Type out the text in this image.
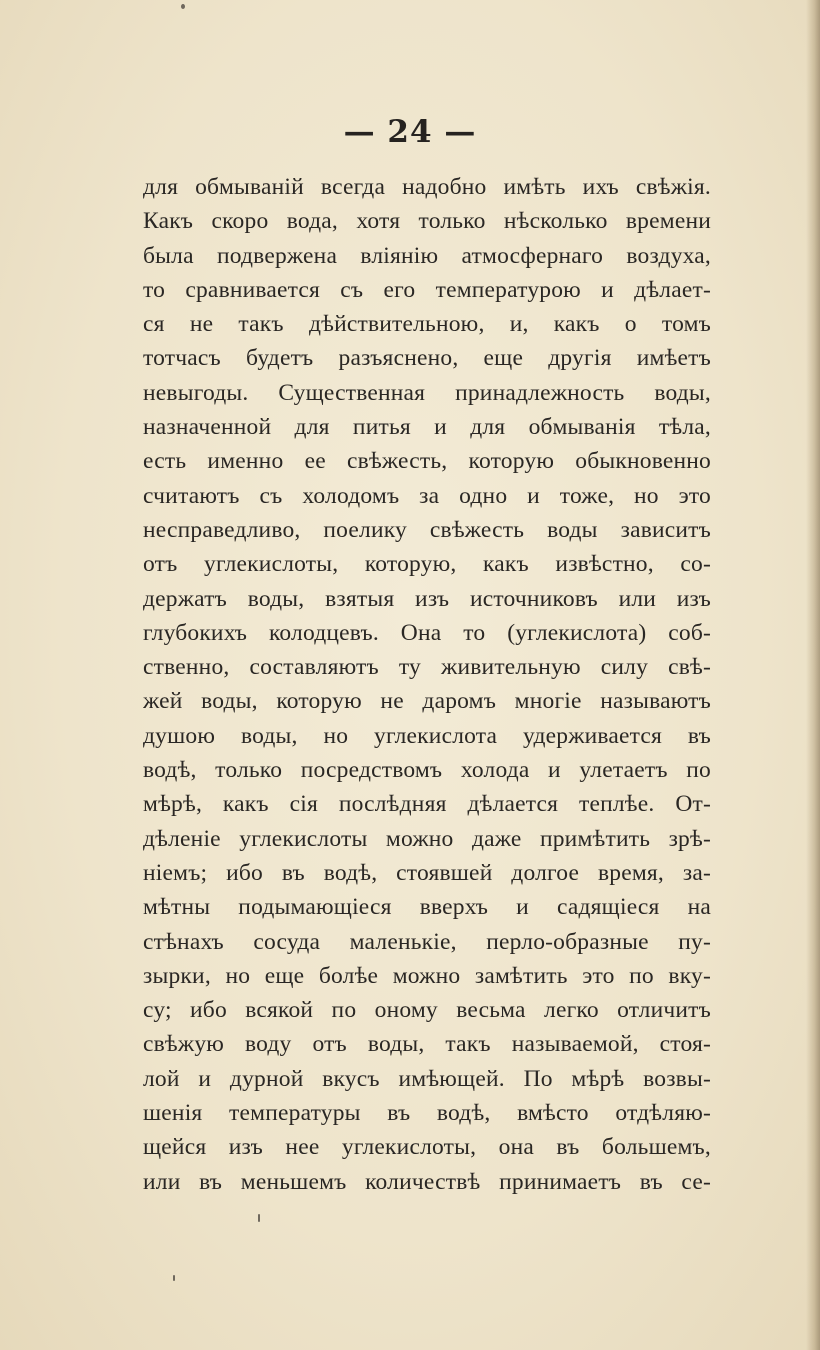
— 24 —
для обмываній всегда надобно имѣть ихъ свѣжія.
Какъ скоро вода, хотя только нѣсколько времени
была подвержена вліянію атмосфернаго воздуха,
то сравнивается съ его температурою и дѣлает-
ся не такъ дѣйствительною, и, какъ о томъ
тотчасъ будетъ разъяснено, еще другія имѣетъ
невыгоды. Существенная принадлежность воды,
назначенной для питья и для обмыванія тѣла,
есть именно ее свѣжесть, которую обыкновенно
считаютъ съ холодомъ за одно и тоже, но это
несправедливо, поелику свѣжесть воды зависитъ
отъ углекислоты, которую, какъ извѣстно, со-
держатъ воды, взятыя изъ источниковъ или изъ
глубокихъ колодцевъ. Она то (углекислота) соб-
ственно, составляютъ ту живительную силу свѣ-
жей воды, которую не даромъ многіе называютъ
душою воды, но углекислота удерживается въ
водѣ, только посредствомъ холода и улетаетъ по
мѣрѣ, какъ сія послѣдняя дѣлается теплѣе. От-
дѣленіе углекислоты можно даже примѣтить зрѣ-
ніемъ; ибо въ водѣ, стоявшей долгое время, за-
мѣтны подымающіеся вверхъ и садящіеся на
стѣнахъ сосуда маленькіе, перло-образные пу-
зырки, но еще болѣе можно замѣтить это по вку-
су; ибо всякой по оному весьма легко отличитъ
свѣжую воду отъ воды, такъ называемой, стоя-
лой и дурной вкусъ имѣющей. По мѣрѣ возвы-
шенія температуры въ водѣ, вмѣсто отдѣляю-
щейся изъ нее углекислоты, она въ большемъ,
или въ меньшемъ количествѣ принимаетъ въ се-
